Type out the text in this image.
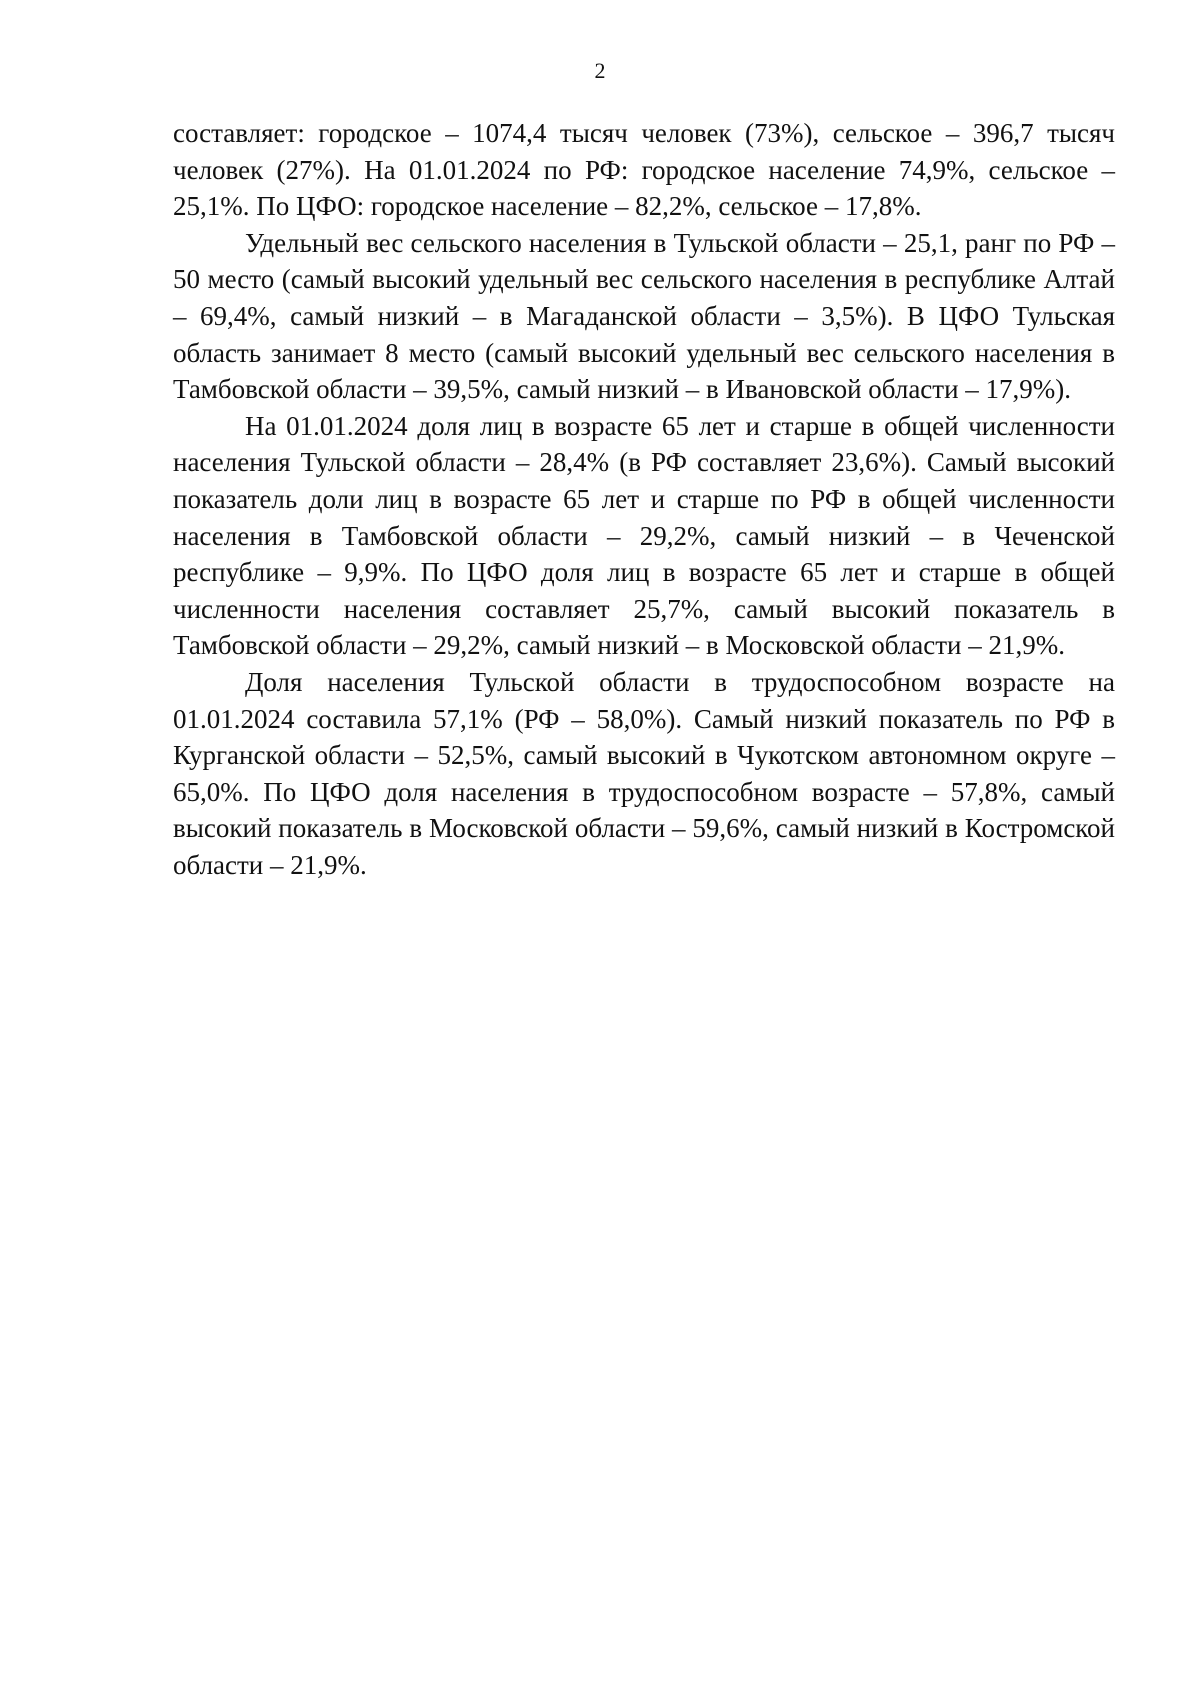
2

составляет: городское – 1074,4 тысяч человек (73%), сельское – 396,7 тысяч человек (27%). На 01.01.2024 по РФ: городское население 74,9%, сельское – 25,1%. По ЦФО: городское население – 82,2%, сельское – 17,8%.

Удельный вес сельского населения в Тульской области – 25,1, ранг по РФ – 50 место (самый высокий удельный вес сельского населения в республике Алтай – 69,4%, самый низкий – в Магаданской области – 3,5%). В ЦФО Тульская область занимает 8 место (самый высокий удельный вес сельского населения в Тамбовской области – 39,5%, самый низкий – в Ивановской области – 17,9%).

На 01.01.2024 доля лиц в возрасте 65 лет и старше в общей численности населения Тульской области – 28,4% (в РФ составляет 23,6%). Самый высокий показатель доли лиц в возрасте 65 лет и старше по РФ в общей численности населения в Тамбовской области – 29,2%, самый низкий – в Чеченской республике – 9,9%. По ЦФО доля лиц в возрасте 65 лет и старше в общей численности населения составляет 25,7%, самый высокий показатель в Тамбовской области – 29,2%, самый низкий – в Московской области – 21,9%.

Доля населения Тульской области в трудоспособном возрасте на 01.01.2024 составила 57,1% (РФ – 58,0%). Самый низкий показатель по РФ в Курганской области – 52,5%, самый высокий в Чукотском автономном округе – 65,0%. По ЦФО доля населения в трудоспособном возрасте – 57,8%, самый высокий показатель в Московской области – 59,6%, самый низкий в Костромской области – 21,9%.
